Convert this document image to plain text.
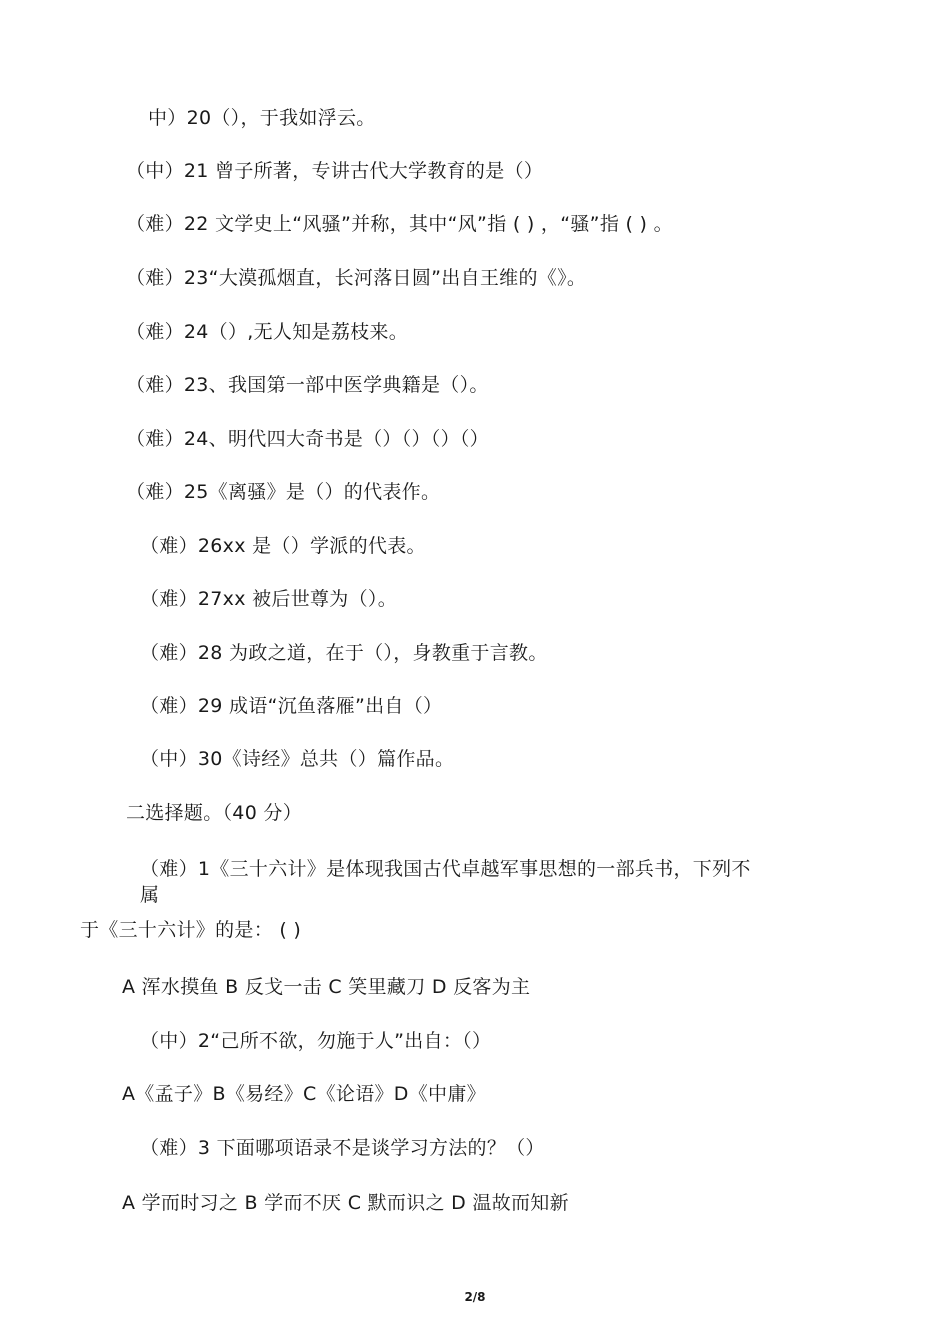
中）20（），于我如浮云。
（中）21 曾子所著，专讲古代大学教育的是（）
（难）22 文学史上“风骚”并称，其中“风”指 ( ) ，“骚”指 ( ) 。
（难）23“大漠孤烟直，长河落日圆”出自王维的《》。
（难）24（）,无人知是荔枝来。
（难）23、我国第一部中医学典籍是（）。
（难）24、明代四大奇书是（）（）（）（）
（难）25《离骚》是（）的代表作。
（难）26xx 是（）学派的代表。
（难）27xx 被后世尊为（）。
（难）28 为政之道，在于（），身教重于言教。
（难）29 成语“沉鱼落雁”出自（）
（中）30《诗经》总共（）篇作品。
二选择题。（40 分）
（难）1《三十六计》是体现我国古代卓越军事思想的一部兵书，下列不
属
于《三十六计》的是： ( )
A 浑水摸鱼 B 反戈一击 C 笑里藏刀 D 反客为主
（中）2“己所不欲，勿施于人”出自：（）
A《孟子》B《易经》C《论语》D《中庸》
（难）3 下面哪项语录不是谈学习方法的？（）
A 学而时习之 B 学而不厌 C 默而识之 D 温故而知新
2/8
